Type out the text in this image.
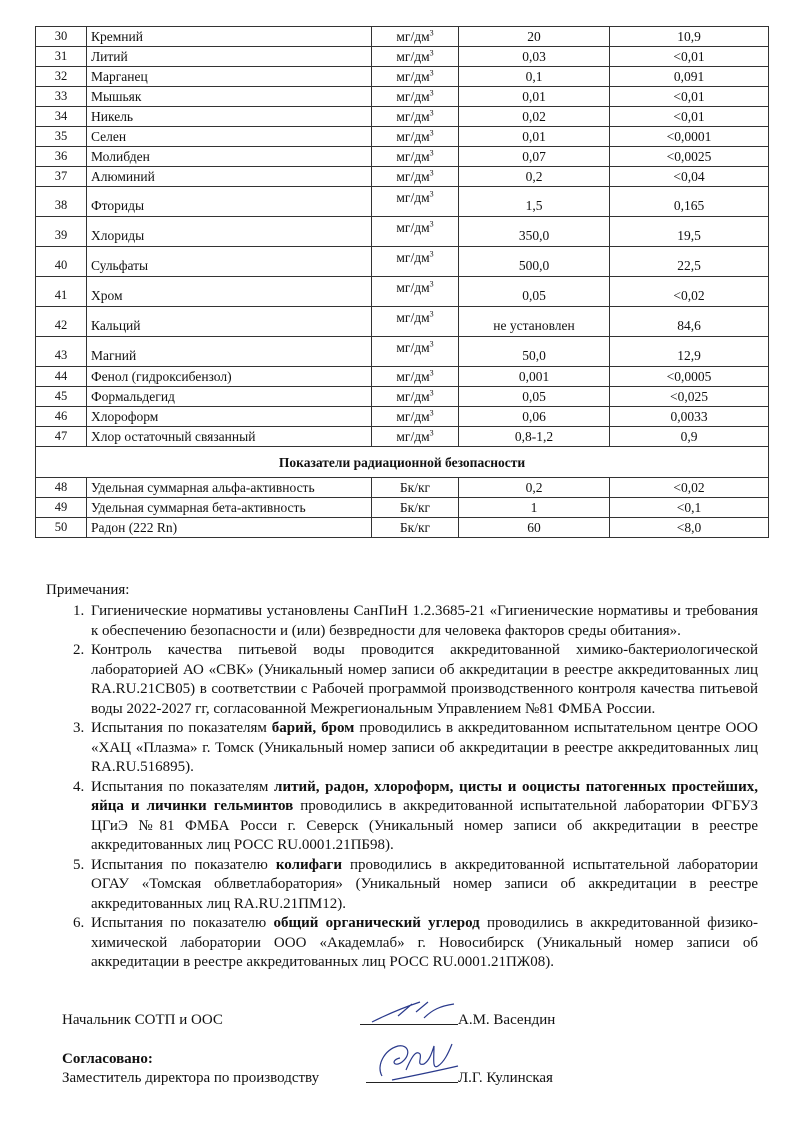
30	Кремний	$мг/дм^3$	20	10,9
31	Литий	$мг/дм^3$	0,03	<0,01
32	Марганец	$мг/дм^3$	0,1	0,091
33	Мышьяк	$мг/дм^3$	0,01	<0,01
34	Никель	$мг/дм^3$	0,02	<0,01
35	Селен	$мг/дм^3$	0,01	<0,0001
36	Молибден	$мг/дм^3$	0,07	<0,0025
37	Алюминий	$мг/дм^3$	0,2	<0,04
38	Фториды	$мг/дм^3$	1,5	0,165
39	Хлориды	$мг/дм^3$	350,0	19,5
40	Сульфаты	$мг/дм^3$	500,0	22,5
41	Хром	$мг/дм^3$	0,05	<0,02
42	Кальций	$мг/дм^3$	не установлен	84,6
43	Магний	$мг/дм^3$	50,0	12,9
44	Фенол (гидроксибензол)	$мг/дм^3$	0,001	<0,0005
45	Формальдегид	$мг/дм^3$	0,05	<0,025
46	Хлороформ	$мг/дм^3$	0,06	0,0033
47	Хлор остаточный связанный	$мг/дм^3$	0,8-1,2	0,9
Показатели радиационной безопасности				
48	Удельная суммарная альфа-активность	Бк/кг	0,2	<0,02
49	Удельная суммарная бета-активность	Бк/кг	1	<0,1
50	Радон (222 Rn)	Бк/кг	60	<8,0

Примечания:

1. Гигиенические нормативы установлены СанПиН 1.2.3685-21 «Гигиенические нормативы и требования к обеспечению безопасности и (или) безвредности для человека факторов среды обитания».
2. Контроль качества питьевой воды проводится аккредитованной химико-бактериологической лабораторией АО «СВК» (Уникальный номер записи об аккредитации в реестре аккредитованных лиц RA.RU.21СВ05) в соответствии с Рабочей программой производственного контроля качества питьевой воды 2022-2027 гг, согласованной Межрегиональным Управлением №81 ФМБА России.
3. Испытания по показателям барий, бром проводились в аккредитованном испытательном центре ООО «ХАЦ «Плазма» г. Томск (Уникальный номер записи об аккредитации в реестре аккредитованных лиц RA.RU.516895).
4. Испытания по показателям литий, радон, хлороформ, цисты и ооцисты патогенных простейших, яйца и личинки гельминтов проводились в аккредитованной испытательной лаборатории ФГБУЗ ЦГиЭ №81 ФМБА Росси г. Северск (Уникальный номер записи об аккредитации в реестре аккредитованных лиц РОСС RU.0001.21ПБ98).
5. Испытания по показателю колифаги проводились в аккредитованной испытательной лаборатории ОГАУ «Томская облветлаборатория» (Уникальный номер записи об аккредитации в реестре аккредитованных лиц RA.RU.21ПМ12).
6. Испытания по показателю общий органический углерод проводились в аккредитованной физико-химической лаборатории ООО «Академлаб» г. Новосибирск (Уникальный номер записи об аккредитации в реестре аккредитованных лиц РОСС RU.0001.21ПЖ08).
Начальник СОТП и ООС	А.М. Васендин
Согласовано:
Заместитель директора по производству	Л.Г. Кулинская
